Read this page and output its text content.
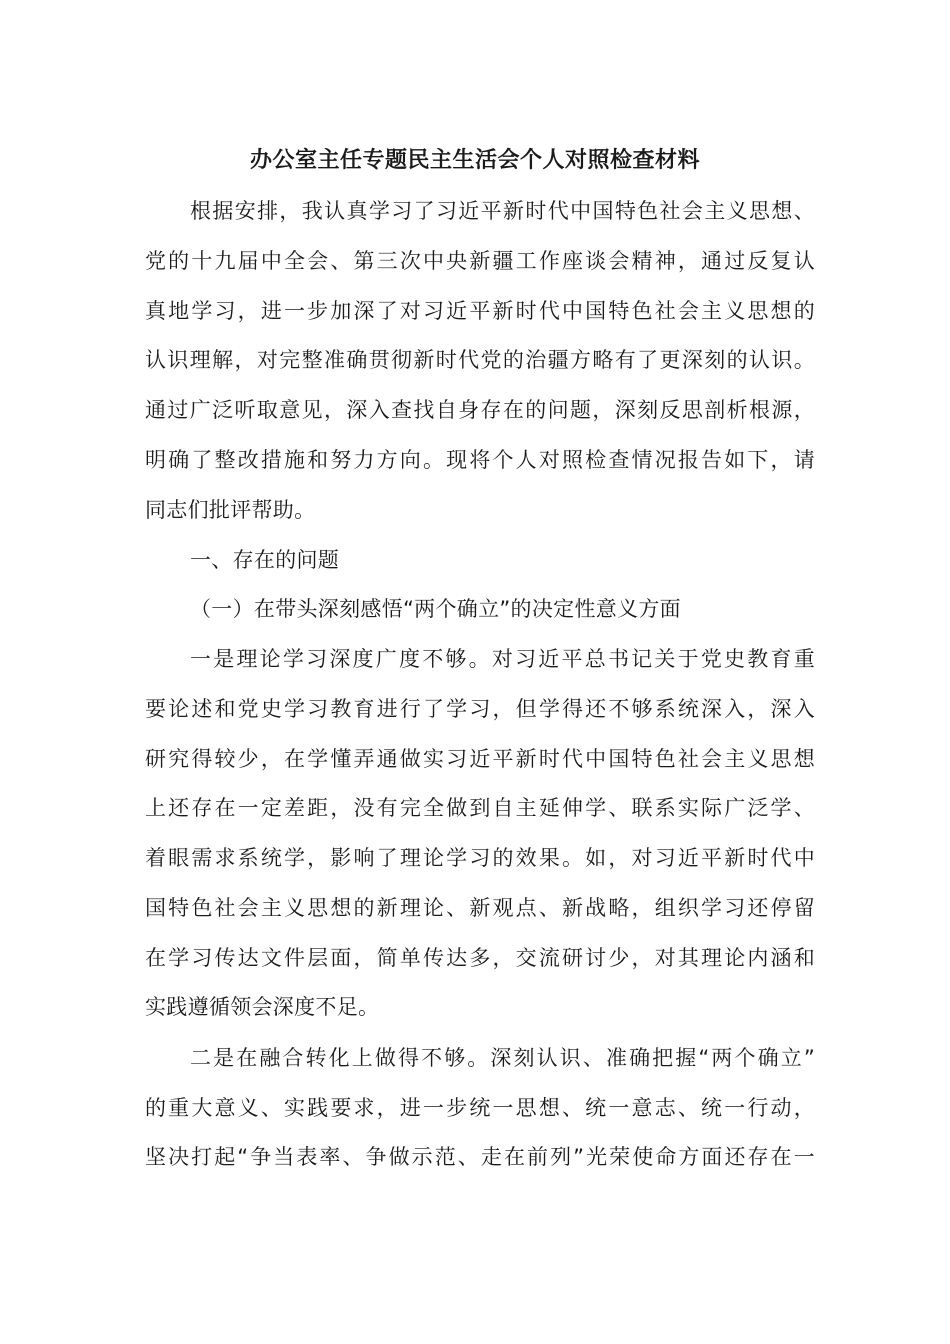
办公室主任专题民主生活会个人对照检查材料
根据安排，我认真学习了习近平新时代中国特色社会主义思想、
党的十九届中全会、第三次中央新疆工作座谈会精神，通过反复认
真地学习，进一步加深了对习近平新时代中国特色社会主义思想的
认识理解，对完整准确贯彻新时代党的治疆方略有了更深刻的认识。
通过广泛听取意见，深入查找自身存在的问题，深刻反思剖析根源，
明确了整改措施和努力方向。现将个人对照检查情况报告如下，请
同志们批评帮助。
一、存在的问题
（一）在带头深刻感悟“两个确立”的决定性意义方面
一是理论学习深度广度不够。对习近平总书记关于党史教育重
要论述和党史学习教育进行了学习，但学得还不够系统深入，深入
研究得较少，在学懂弄通做实习近平新时代中国特色社会主义思想
上还存在一定差距，没有完全做到自主延伸学、联系实际广泛学、
着眼需求系统学，影响了理论学习的效果。如，对习近平新时代中
国特色社会主义思想的新理论、新观点、新战略，组织学习还停留
在学习传达文件层面，简单传达多，交流研讨少，对其理论内涵和
实践遵循领会深度不足。
二是在融合转化上做得不够。深刻认识、准确把握“两个确立”
的重大意义、实践要求，进一步统一思想、统一意志、统一行动，
坚决打起“争当表率、争做示范、走在前列”光荣使命方面还存在一
